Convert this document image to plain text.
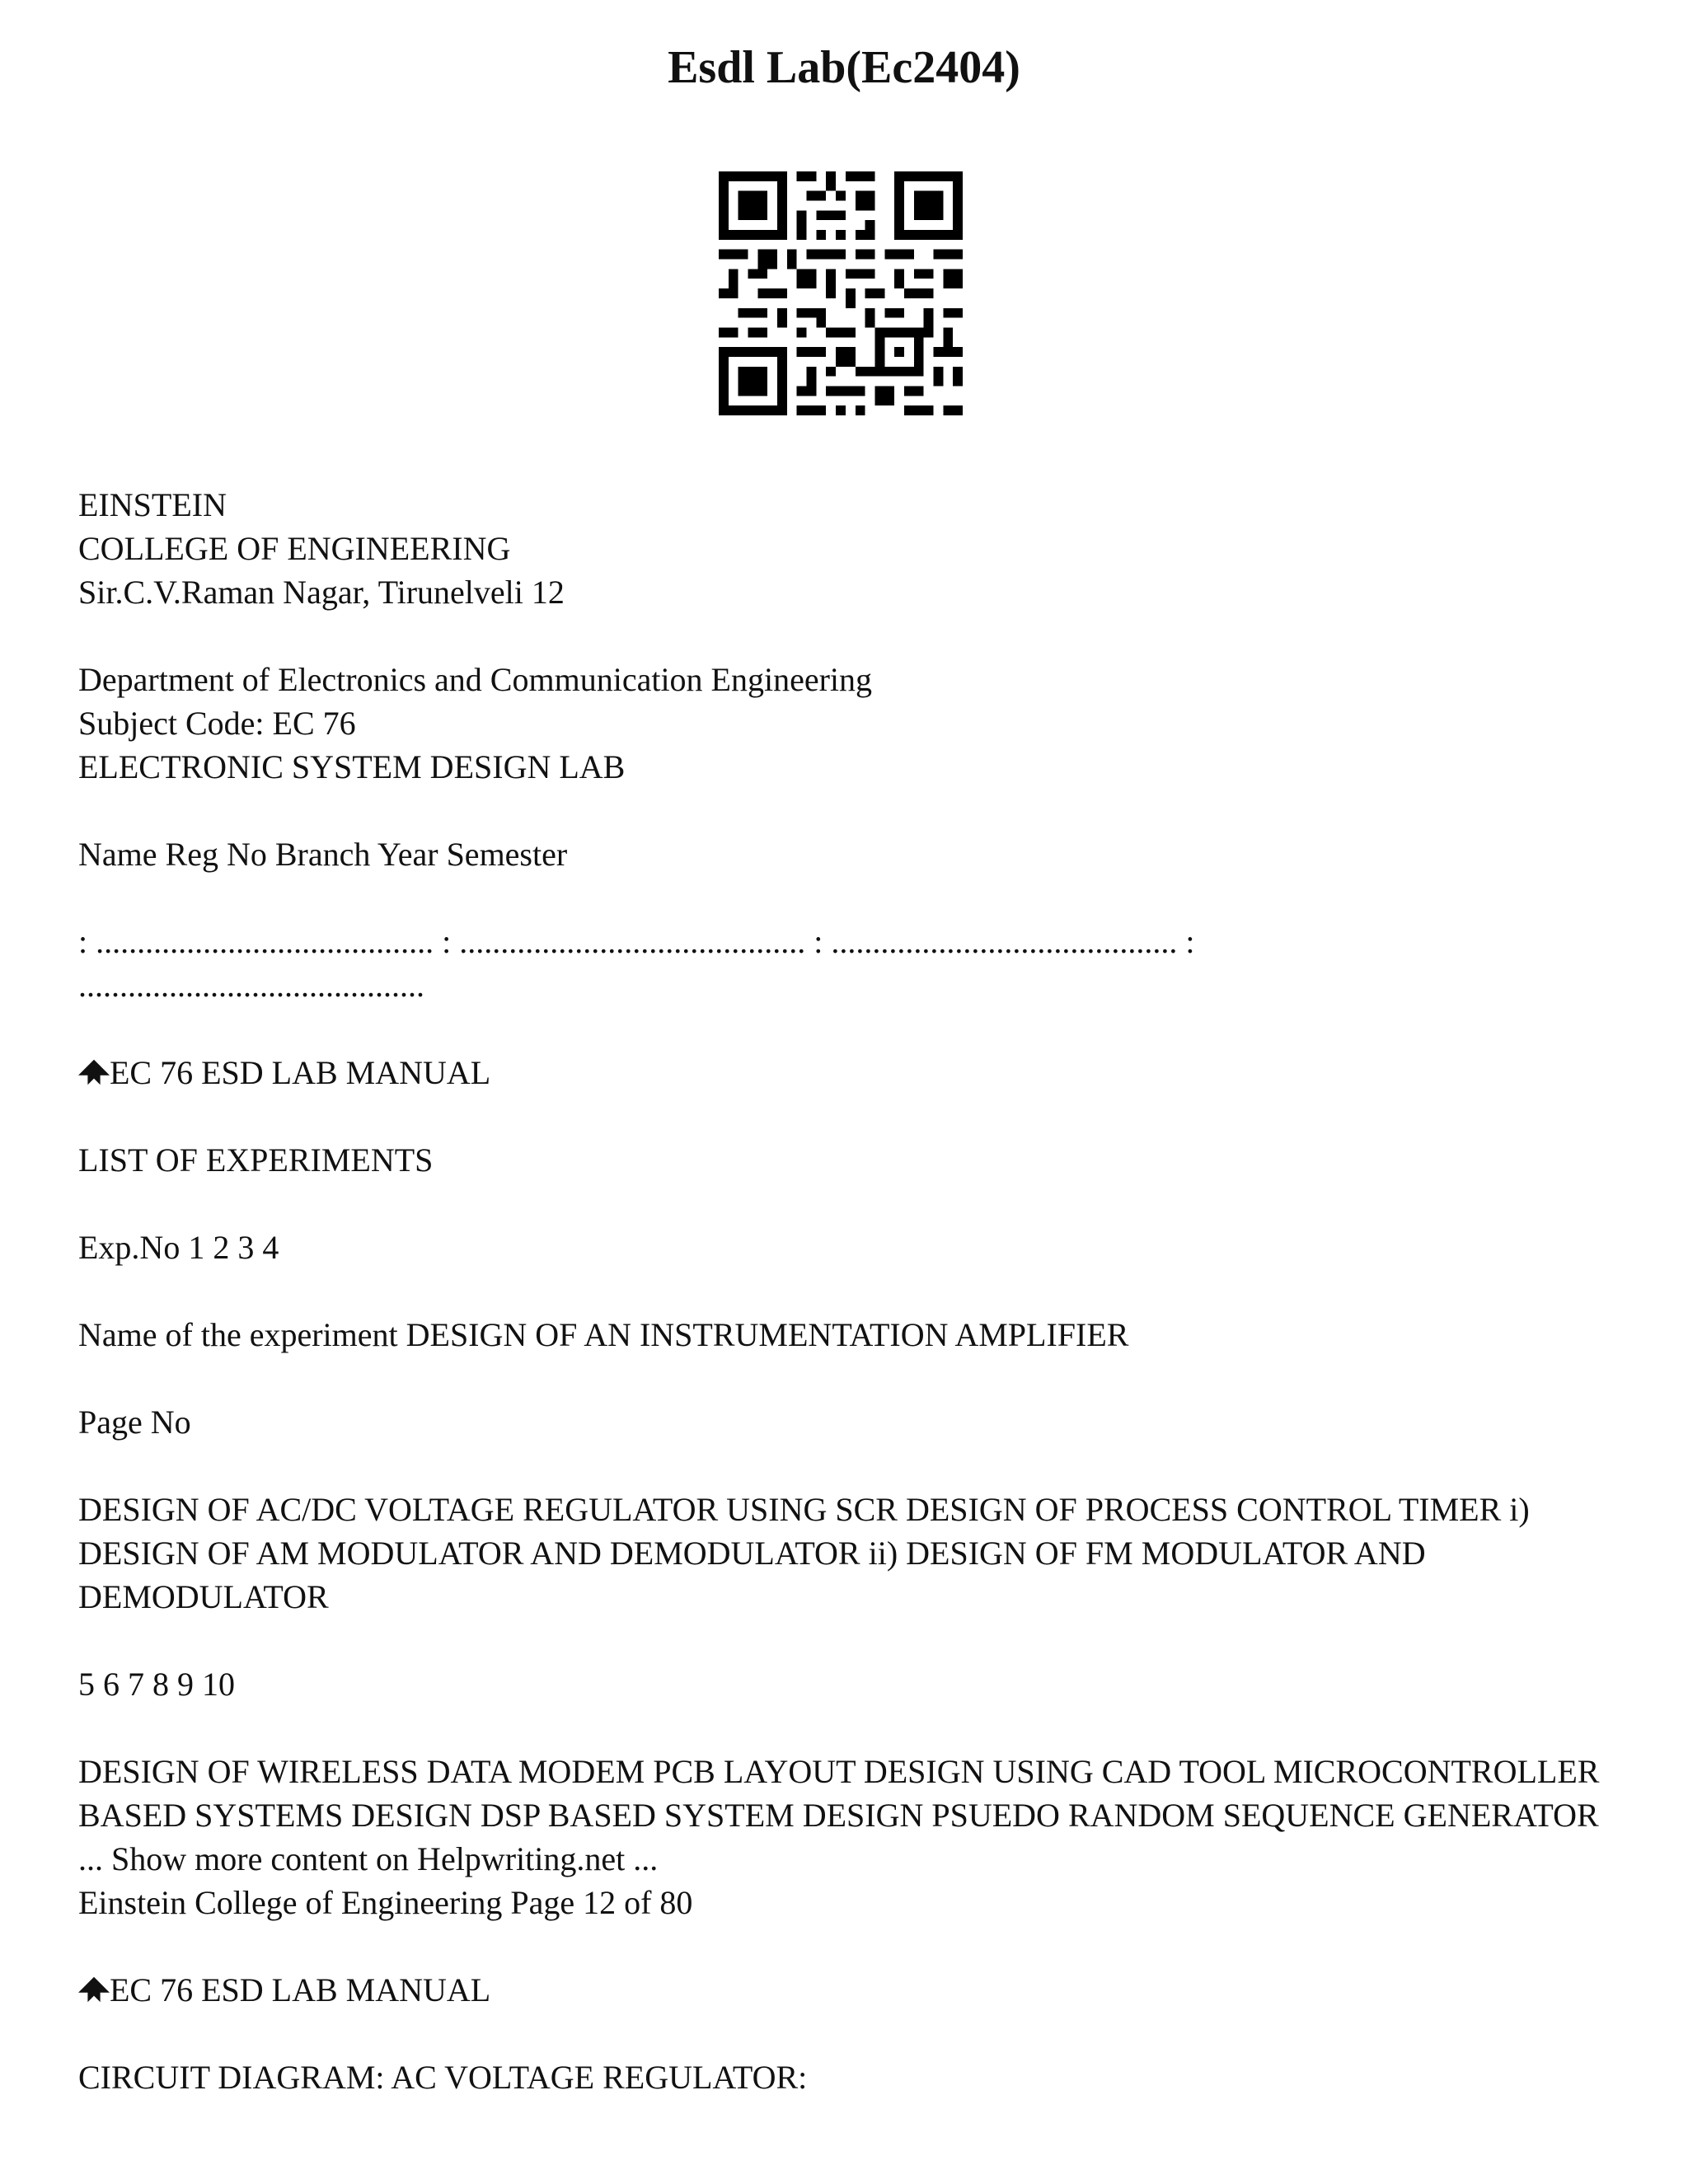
Esdl Lab(Ec2404)

EINSTEIN
COLLEGE OF ENGINEERING
Sir.C.V.Raman Nagar, Tirunelveli 12

Department of Electronics and Communication Engineering
Subject Code: EC 76
ELECTRONIC SYSTEM DESIGN LAB

Name Reg No Branch Year Semester

: ......................................... : .......................................... : .......................................... :
..........................................

EC 76 ESD LAB MANUAL

LIST OF EXPERIMENTS

Exp.No 1 2 3 4

Name of the experiment DESIGN OF AN INSTRUMENTATION AMPLIFIER

Page No

DESIGN OF AC/DC VOLTAGE REGULATOR USING SCR DESIGN OF PROCESS CONTROL TIMER i) DESIGN OF AM MODULATOR AND DEMODULATOR ii) DESIGN OF FM MODULATOR AND DEMODULATOR

5 6 7 8 9 10

DESIGN OF WIRELESS DATA MODEM PCB LAYOUT DESIGN USING CAD TOOL MICROCONTROLLER BASED SYSTEMS DESIGN DSP BASED SYSTEM DESIGN PSUEDO RANDOM SEQUENCE GENERATOR ... Show more content on Helpwriting.net ...
Einstein College of Engineering Page 12 of 80

EC 76 ESD LAB MANUAL

CIRCUIT DIAGRAM: AC VOLTAGE REGULATOR:
